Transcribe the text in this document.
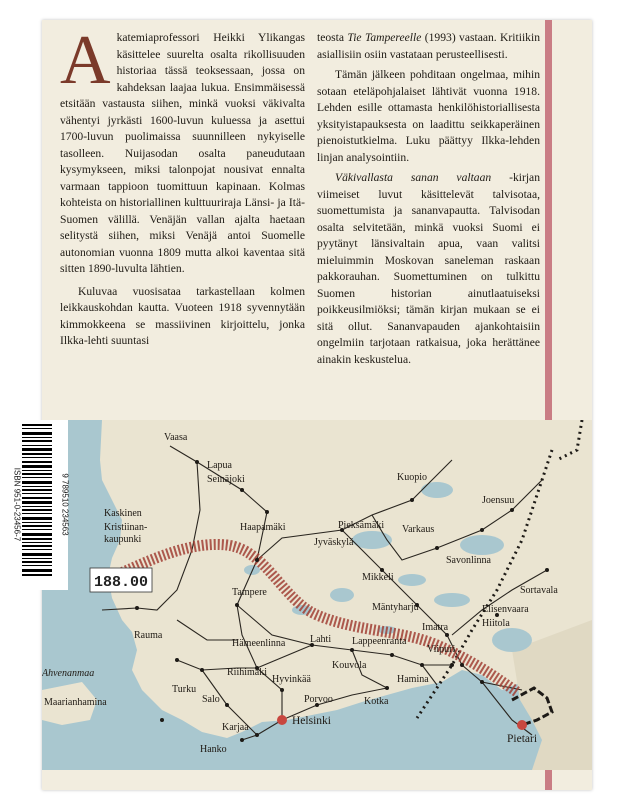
Akatemiaprofessori Heikki Ylikangas käsittelee suurelta osalta rikollisuuden historiaa tässä teoksessaan, jossa on kahdeksan laajaa lukua. Ensimmäisessä etsitään vastausta siihen, minkä vuoksi väkivalta vähentyi jyrkästi 1600-luvun kuluessa ja asettui 1700-luvun puolimaissa suunnilleen nykyiselle tasolleen. Nuijasodan osalta paneudutaan kysymykseen, miksi talonpojat nousivat ennalta varmaan tappioon tuomittuun kapinaan. Kolmas kohteista on historiallinen kulttuuriraja Länsi- ja Itä-Suomen välillä. Venäjän vallan ajalta haetaan selitystä siihen, miksi Venäjä antoi Suomelle autonomian vuonna 1809 mutta alkoi kaventaa sitä sitten 1890-luvulta lähtien.

Kuluvaa vuosisataa tarkastellaan kolmen leikkauskohdan kautta. Vuoteen 1918 syvennytään kimmokkeena se massiivinen kirjoittelu, jonka Ilkka-lehti suuntasi

teosta Tie Tampereelle (1993) vastaan. Kritiikin asiallisiin osiin vastataan perusteellisesti.

Tämän jälkeen pohditaan ongelmaa, mihin sotaan eteläpohjalaiset lähtivät vuonna 1918. Lehden esille ottamasta henkilöhistoriallisesta yksityistapauksesta on laadittu seikkaperäinen pienoistutkielma. Luku päättyy Ilkka-lehden linjan analysointiin.

Väkivallasta sanan valtaan -kirjan viimeiset luvut käsittelevät talvisotaa, suomettumista ja sananvapautta. Talvisodan osalta selvitetään, minkä vuoksi Suomi ei pyytänyt länsivaltain apua, vaan valitsi mieluimmin Moskovan saneleman raskaan pakkorauhan. Suomettuminen on tulkittu Suomen historian ainutlaatuiseksi poikkeusilmiöksi; tämän kirjan mukaan se ei sitä ollut. Sananvapauden ajankohtaisiin ongelmiin tarjotaan ratkaisua, joka herättänee ainakin keskustelua.

188.00
Vaasa
Lapua
Seinäjoki
Kaskinen
Kristiinan-
kaupunki
Haapamäki	Pieksämäki
Jyväskylä
Varkaus
Kuopio
Joensuu
Savonlinna
Sortavala
Elisenvaara
Hiitola
Mikkeli
Mäntyharju
Imatra
Lappeenranta
Viipuri
Tampere
Rauma
Hämeenlinna Lahti
Kouvola
Riihimäki
Hyvinkää	Hamina
Kotka
Porvoo
Turku
Salo
Karjaa
Helsinki
Hanko
Maarianhamina
Pietari
Ahvenanmaa
ISBN 951-0-23456-7	9 789510 234563
